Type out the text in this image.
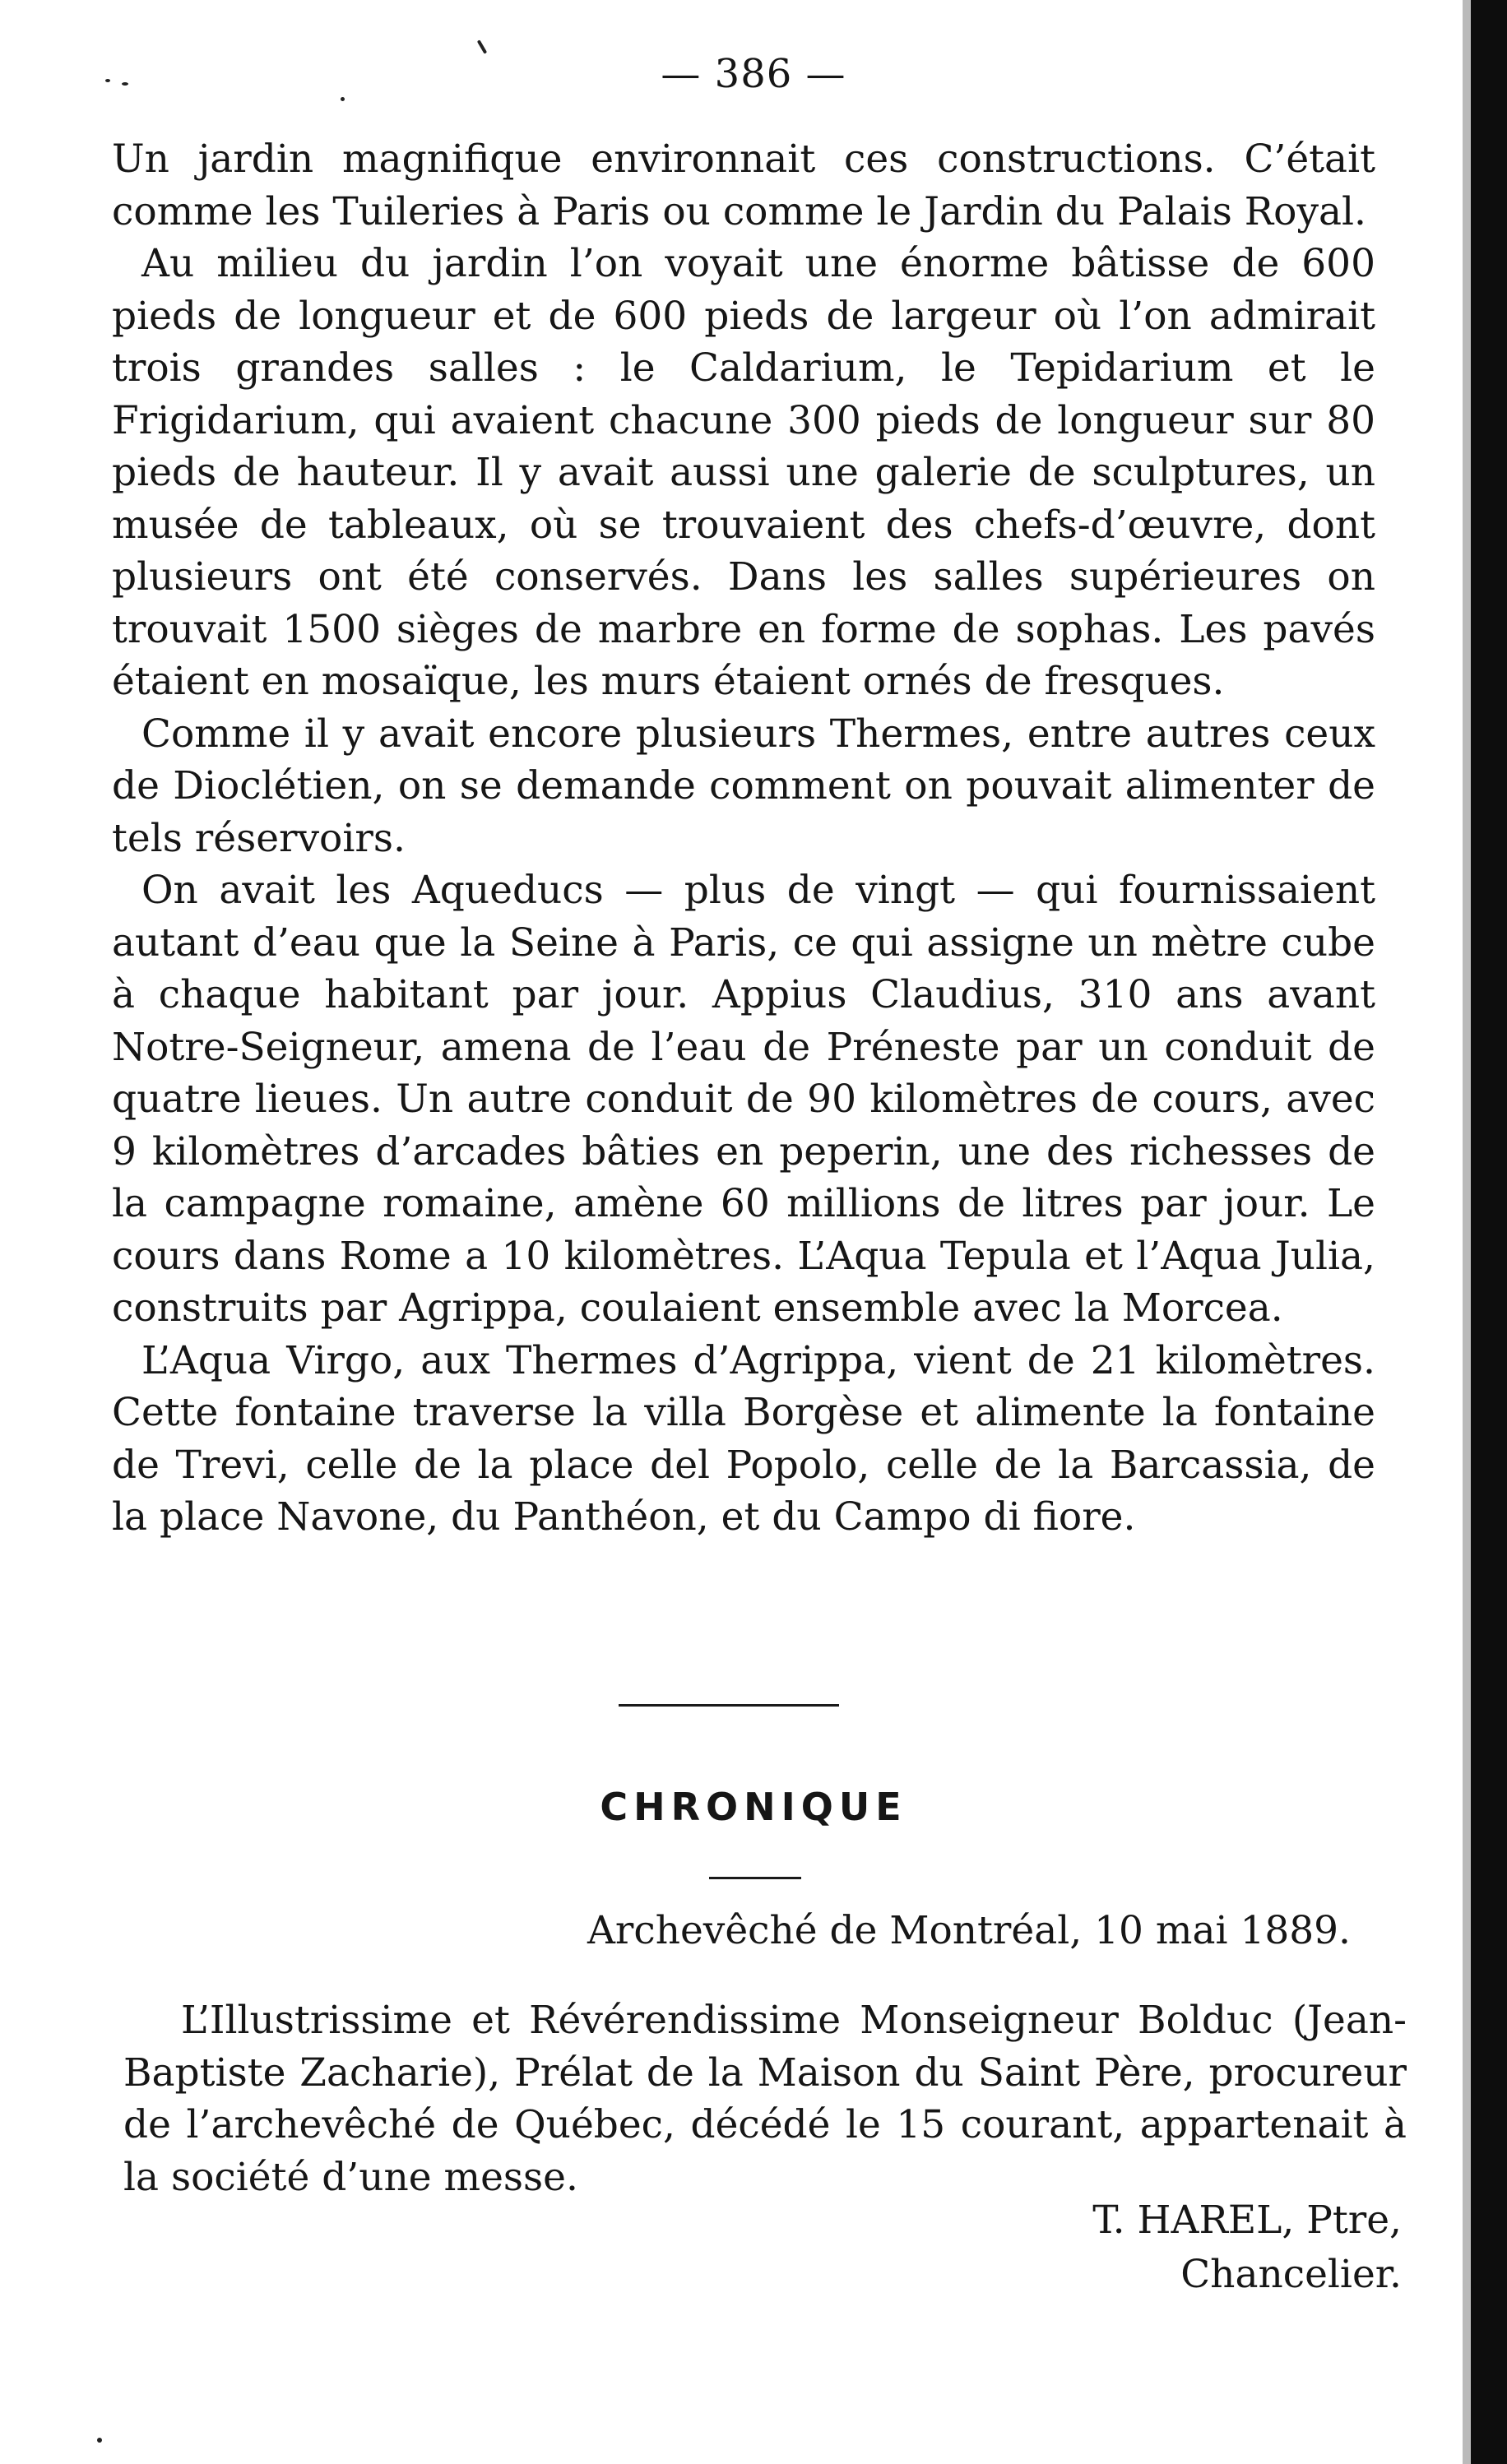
— 386 —

Un jardin magnifique environnait ces constructions. C’était comme les Tuileries à Paris ou comme le Jardin du Palais Royal.

Au milieu du jardin l’on voyait une énorme bâtisse de 600 pieds de longueur et de 600 pieds de largeur où l’on admirait trois grandes salles : le Caldarium, le Tepidarium et le Frigidarium, qui avaient chacune 300 pieds de longueur sur 80 pieds de hauteur. Il y avait aussi une galerie de sculptures, un musée de tableaux, où se trouvaient des chefs-d’œuvre, dont plusieurs ont été conservés. Dans les salles supérieures on trouvait 1500 sièges de marbre en forme de sophas. Les pavés étaient en mosaïque, les murs étaient ornés de fresques.

Comme il y avait encore plusieurs Thermes, entre autres ceux de Dioclétien, on se demande comment on pouvait alimenter de tels réservoirs.

On avait les Aqueducs — plus de vingt — qui fournissaient autant d’eau que la Seine à Paris, ce qui assigne un mètre cube à chaque habitant par jour. Appius Claudius, 310 ans avant Notre-Seigneur, amena de l’eau de Préneste par un conduit de quatre lieues. Un autre conduit de 90 kilomètres de cours, avec 9 kilomètres d’arcades bâties en peperin, une des richesses de la campagne romaine, amène 60 millions de litres par jour. Le cours dans Rome a 10 kilomètres. L’Aqua Tepula et l’Aqua Julia, construits par Agrippa, coulaient ensemble avec la Morcea.

L’Aqua Virgo, aux Thermes d’Agrippa, vient de 21 kilomètres. Cette fontaine traverse la villa Borgèse et alimente la fontaine de Trevi, celle de la place del Popolo, celle de la Barcassia, de la place Navone, du Panthéon, et du Campo di fiore.

CHRONIQUE
Archevêché de Montréal, 10 mai 1889.
L’Illustrissime et Révérendissime Monseigneur Bolduc (Jean-Baptiste Zacharie), Prélat de la Maison du Saint Père, procureur de l’archevêché de Québec, décédé le 15 courant, appartenait à la société d’une messe.
T. HAREL, Ptre,
Chancelier.
